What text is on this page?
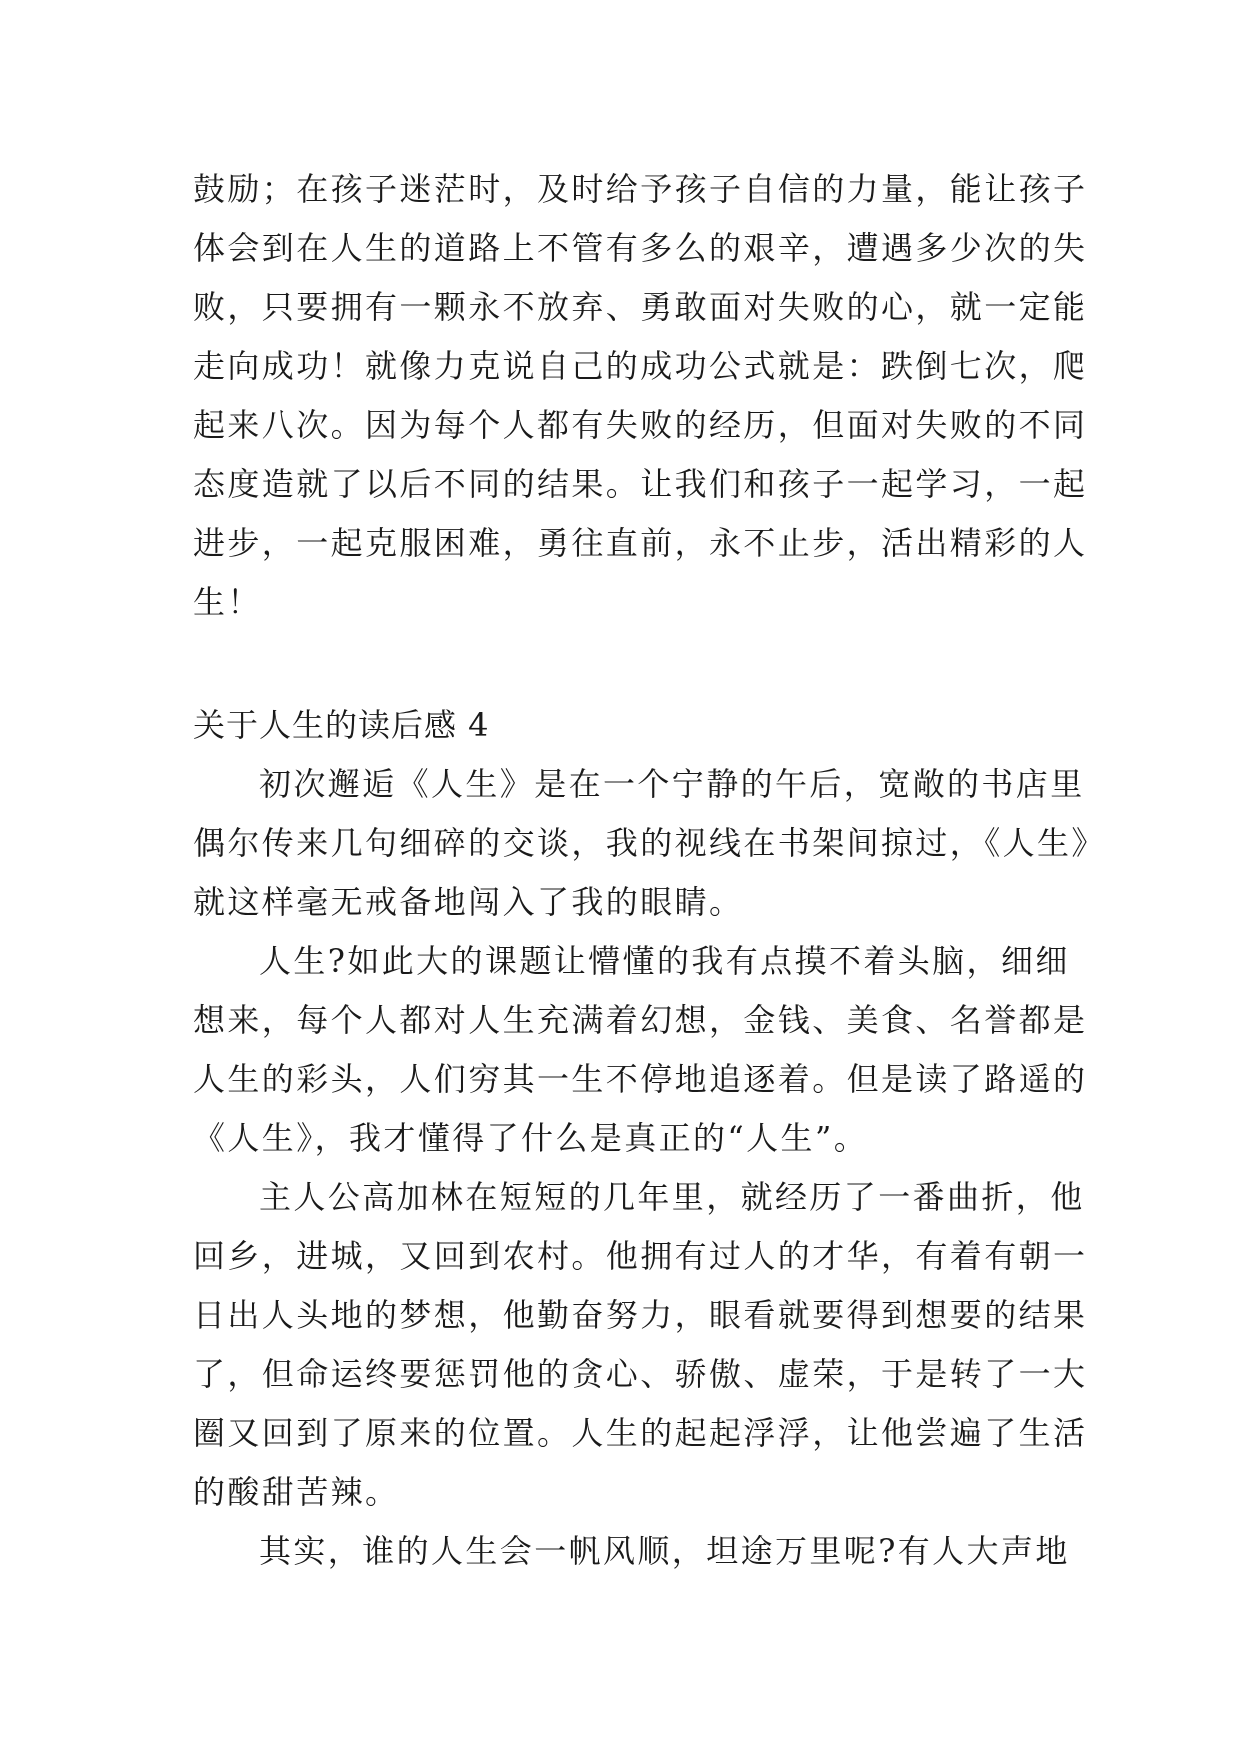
鼓励；在孩子迷茫时，及时给予孩子自信的力量，能让孩子
体会到在人生的道路上不管有多么的艰辛，遭遇多少次的失
败，只要拥有一颗永不放弃、勇敢面对失败的心，就一定能
走向成功！就像力克说自己的成功公式就是：跌倒七次，爬
起来八次。因为每个人都有失败的经历，但面对失败的不同
态度造就了以后不同的结果。让我们和孩子一起学习，一起
进步，一起克服困难，勇往直前，永不止步，活出精彩的人
生！
关于人生的读后感 4
初次邂逅《人生》是在一个宁静的午后，宽敞的书店里
偶尔传来几句细碎的交谈，我的视线在书架间掠过，《人生》
就这样毫无戒备地闯入了我的眼睛。
人生?如此大的课题让懵懂的我有点摸不着头脑，细细
想来，每个人都对人生充满着幻想，金钱、美食、名誉都是
人生的彩头，人们穷其一生不停地追逐着。但是读了路遥的
《人生》，我才懂得了什么是真正的“人生”。
主人公高加林在短短的几年里，就经历了一番曲折，他
回乡，进城，又回到农村。他拥有过人的才华，有着有朝一
日出人头地的梦想，他勤奋努力，眼看就要得到想要的结果
了，但命运终要惩罚他的贪心、骄傲、虚荣，于是转了一大
圈又回到了原来的位置。人生的起起浮浮，让他尝遍了生活
的酸甜苦辣。
其实，谁的人生会一帆风顺，坦途万里呢?有人大声地
